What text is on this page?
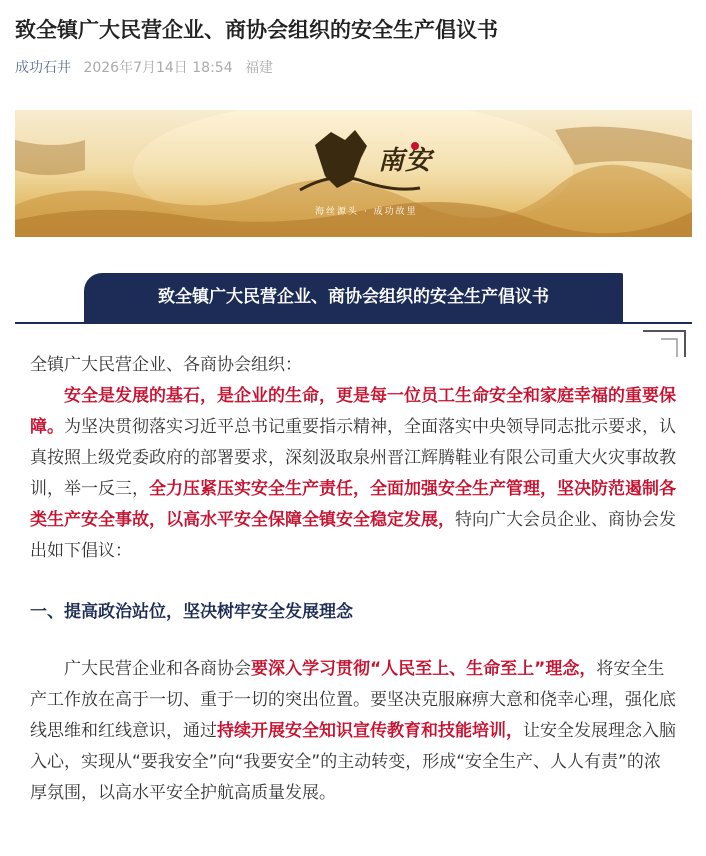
致全镇广大民营企业、商协会组织的安全生产倡议书
成功石井 2026年7月14日 18:54 福建
南安
海丝源头 · 成功故里
致全镇广大民营企业、商协会组织的安全生产倡议书

全镇广大民营企业、各商协会组织：

安全是发展的基石，是企业的生命，更是每一位员工生命安全和家庭幸福的重要保障。为坚决贯彻落实习近平总书记重要指示精神，全面落实中央领导同志批示要求，认真按照上级党委政府的部署要求，深刻汲取泉州晋江辉腾鞋业有限公司重大火灾事故教训，举一反三，全力压紧压实安全生产责任，全面加强安全生产管理，坚决防范遏制各类生产安全事故，以高水平安全保障全镇安全稳定发展，特向广大会员企业、商协会发出如下倡议：

一、提高政治站位，坚决树牢安全发展理念

广大民营企业和各商协会要深入学习贯彻“人民至上、生命至上”理念，将安全生产工作放在高于一切、重于一切的突出位置。要坚决克服麻痹大意和侥幸心理，强化底线思维和红线意识，通过持续开展安全知识宣传教育和技能培训，让安全发展理念入脑入心，实现从“要我安全”向“我要安全”的主动转变，形成“安全生产、人人有责”的浓厚氛围，以高水平安全护航高质量发展。
